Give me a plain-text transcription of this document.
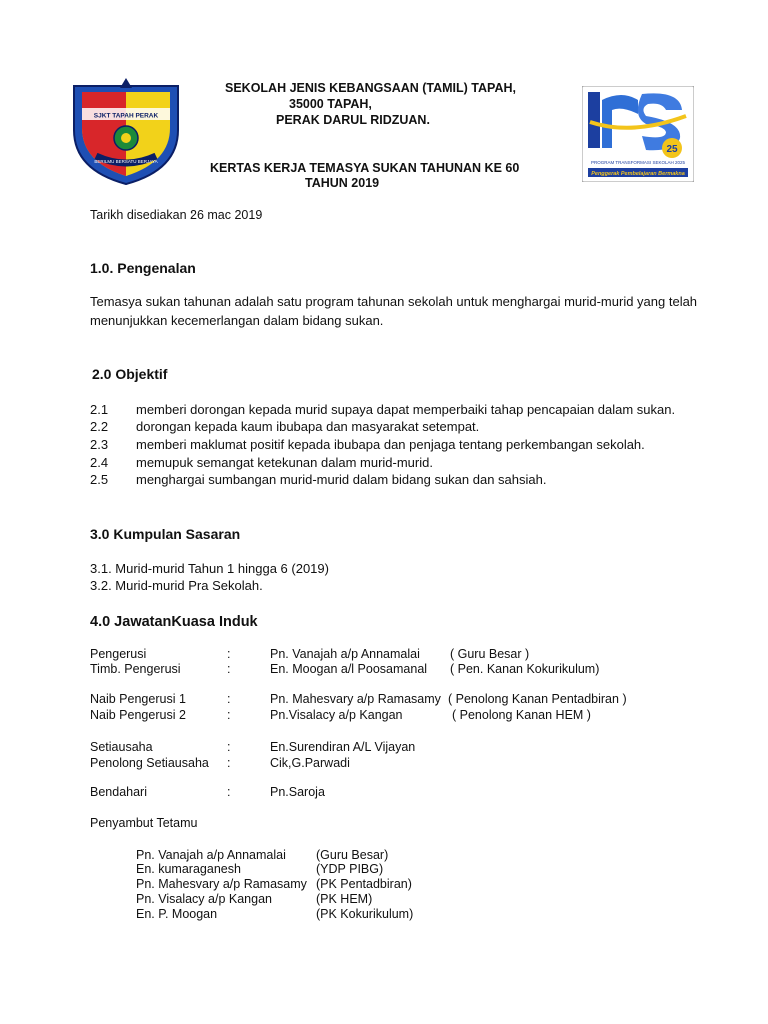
SJKT TAPAH PERAK
BERILMU BERSATU BERJAYA
SEKOLAH JENIS KEBANGSAAN (TAMIL) TAPAH,
35000 TAPAH,
PERAK DARUL RIDZUAN.
KERTAS KERJA TEMASYA SUKAN TAHUNAN KE 60
TAHUN 2019
25
PROGRAM TRANSFORMASI SEKOLAH 2025
Penggerak Pembelajaran Bermakna
Tarikh disediakan :
26 mac 2019
1.0. Pengenalan
Temasya sukan tahunan adalah satu program tahunan sekolah untuk menghargai murid-murid yang telah
menunjukkan kecemerlangan dalam bidang sukan.
2.0 Objektif
2.1 memberi dorongan kepada murid supaya dapat memperbaiki tahap pencapaian dalam sukan.
2.2 dorongan kepada kaum ibubapa dan masyarakat setempat.
2.3 memberi maklumat positif kepada ibubapa dan penjaga tentang perkembangan sekolah.
2.4 memupuk semangat ketekunan dalam murid-murid.
2.5 menghargai sumbangan murid-murid dalam bidang sukan dan sahsiah.
3.0 Kumpulan Sasaran
3.1. Murid-murid Tahun 1 hingga 6 (2019)
3.2. Murid-murid Pra Sekolah.
4.0 JawatanKuasa Induk
Pengerusi	:	Pn. Vanajah a/p Annamalai ( Guru Besar )
Timb. Pengerusi	:	En. Moogan a/l Poosamanal ( Pen. Kanan Kokurikulum)
Naib Pengerusi 1	:	Pn. Mahesvary a/p Ramasamy ( Penolong Kanan Pentadbiran )
Naib Pengerusi 2	:	Pn.Visalacy a/p Kangan	( Penolong Kanan HEM )
Setiausaha	:	En.Surendiran A/L Vijayan
Penolong Setiausaha :	Cik,G.Parwadi
Bendahari	:	Pn.Saroja
Penyambut Tetamu
Pn. Vanajah a/p Annamalai (Guru Besar)
En. kumaraganesh	(YDP PIBG)
Pn. Mahesvary a/p Ramasamy (PK Pentadbiran)
Pn. Visalacy a/p Kangan	(PK HEM)
En. P. Moogan	(PK Kokurikulum)
